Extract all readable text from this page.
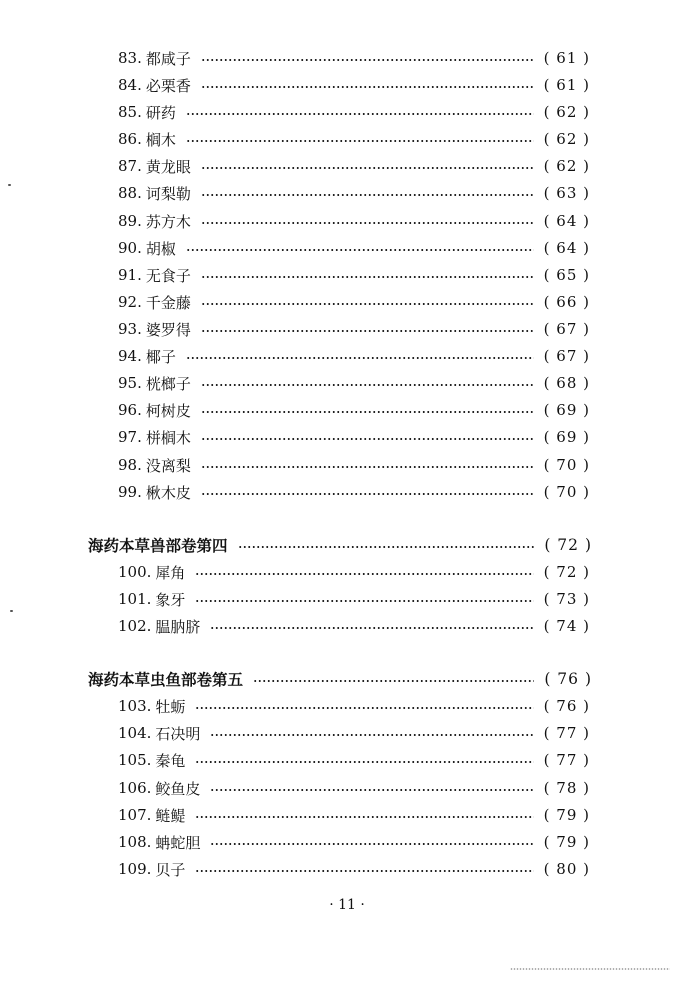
83. 都咸子	( 61 )
84. 必栗香	( 61 )
85. 研药	( 62 )
86. 榈木	( 62 )
87. 黄龙眼	( 62 )
88. 诃梨勒	( 63 )
89. 苏方木	( 64 )
90. 胡椒	( 64 )
91. 无食子	( 65 )
92. 千金藤	( 66 )
93. 婆罗得	( 67 )
94. 椰子	( 67 )
95. 桄榔子	( 68 )
96. 柯树皮	( 69 )
97. 栟榈木	( 69 )
98. 没离梨	( 70 )
99. 楸木皮	( 70 )
海药本草兽部卷第四	( 72 )
100. 犀角	( 72 )
101. 象牙	( 73 )
102. 腽肭脐	( 74 )
海药本草虫鱼部卷第五	( 76 )
103. 牡蛎	( 76 )
104. 石决明	( 77 )
105. 秦龟	( 77 )
106. 鲛鱼皮	( 78 )
107. 鲢鳀	( 79 )
108. 蚺蛇胆	( 79 )
109. 贝子	( 80 )
· 11 ·
